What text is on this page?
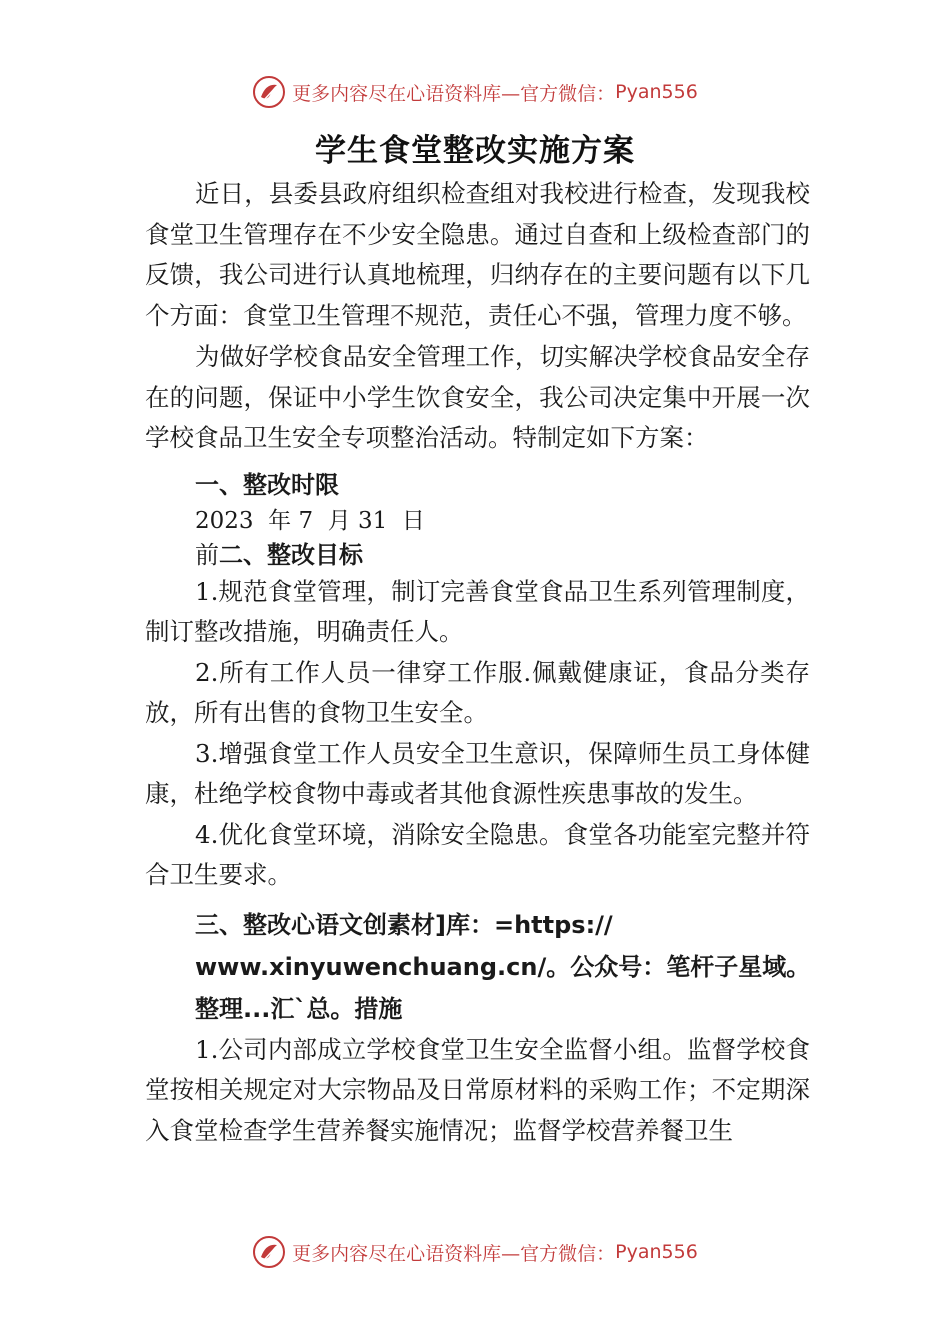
更多内容尽在心语资料库—官方微信： Pyan556
学生食堂整改实施方案

近日，县委县政府组织检查组对我校进行检查，发现我校食堂卫生管理存在不少安全隐患。通过自查和上级检查部门的反馈，我公司进行认真地梳理，归纳存在的主要问题有以下几个方面：食堂卫生管理不规范，责任心不强，管理力度不够。

为做好学校食品安全管理工作，切实解决学校食品安全存在的问题，保证中小学生饮食安全，我公司决定集中开展一次学校食品卫生安全专项整治活动。特制定如下方案：

一、整改时限

2023  年 7  月 31  日

前二、整改目标

1.规范食堂管理，制订完善食堂食品卫生系列管理制度，制订整改措施，明确责任人。

2.所有工作人员一律穿工作服.佩戴健康证，食品分类存放，所有出售的食物卫生安全。

3.增强食堂工作人员安全卫生意识，保障师生员工身体健康，杜绝学校食物中毒或者其他食源性疾患事故的发生。

4.优化食堂环境，消除安全隐患。食堂各功能室完整并符合卫生要求。

三、整改心语文创素材]库：=https://

www.xinyuwenchuang.cn/。公众号：笔杆子星域。

整理...汇`总。措施

1.公司内部成立学校食堂卫生安全监督小组。监督学校食堂按相关规定对大宗物品及日常原材料的采购工作；不定期深入食堂检查学生营养餐实施情况；监督学校营养餐卫生

更多内容尽在心语资料库—官方微信： Pyan556
